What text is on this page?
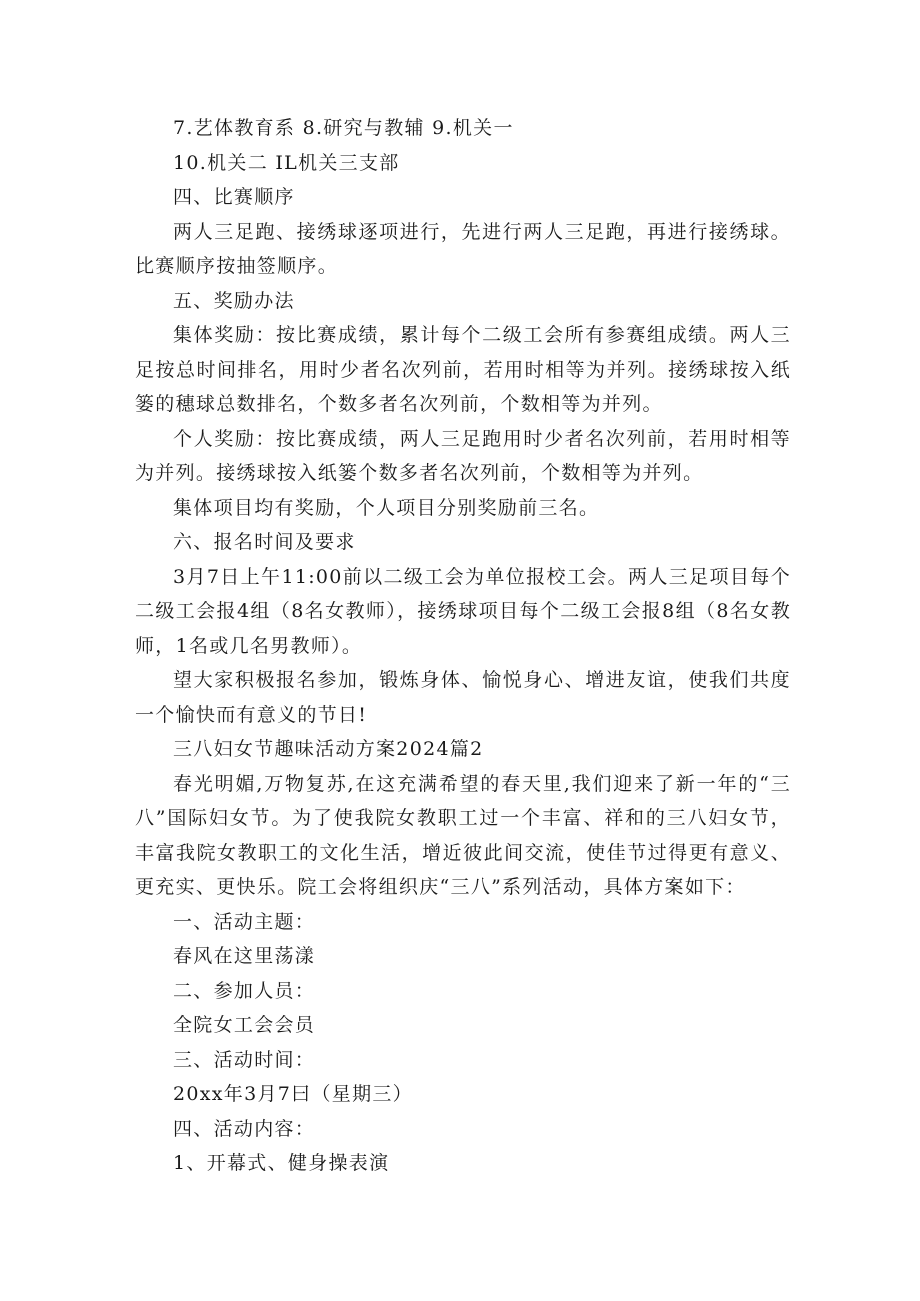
7.艺体教育系 8.研究与教辅 9.机关一

10.机关二 IL机关三支部

四、比赛顺序

两人三足跑、接绣球逐项进行，先进行两人三足跑，再进行接绣球。比赛顺序按抽签顺序。

五、奖励办法

集体奖励：按比赛成绩，累计每个二级工会所有参赛组成绩。两人三足按总时间排名，用时少者名次列前，若用时相等为并列。接绣球按入纸篓的穗球总数排名，个数多者名次列前，个数相等为并列。

个人奖励：按比赛成绩，两人三足跑用时少者名次列前，若用时相等为并列。接绣球按入纸篓个数多者名次列前，个数相等为并列。

集体项目均有奖励，个人项目分别奖励前三名。

六、报名时间及要求

3月7日上午11:00前以二级工会为单位报校工会。两人三足项目每个二级工会报4组（8名女教师），接绣球项目每个二级工会报8组（8名女教师，1名或几名男教师）。

望大家积极报名参加，锻炼身体、愉悦身心、增进友谊，使我们共度一个愉快而有意义的节日!

三八妇女节趣味活动方案2024篇2

春光明媚,万物复苏,在这充满希望的春天里,我们迎来了新一年的“三八”国际妇女节。为了使我院女教职工过一个丰富、祥和的三八妇女节，丰富我院女教职工的文化生活，增近彼此间交流，使佳节过得更有意义、更充实、更快乐。院工会将组织庆“三八”系列活动，具体方案如下：

一、活动主题：

春风在这里荡漾

二、参加人员：

全院女工会会员

三、活动时间：

20xx年3月7曰（星期三）

四、活动内容：

1、开幕式、健身操表演
